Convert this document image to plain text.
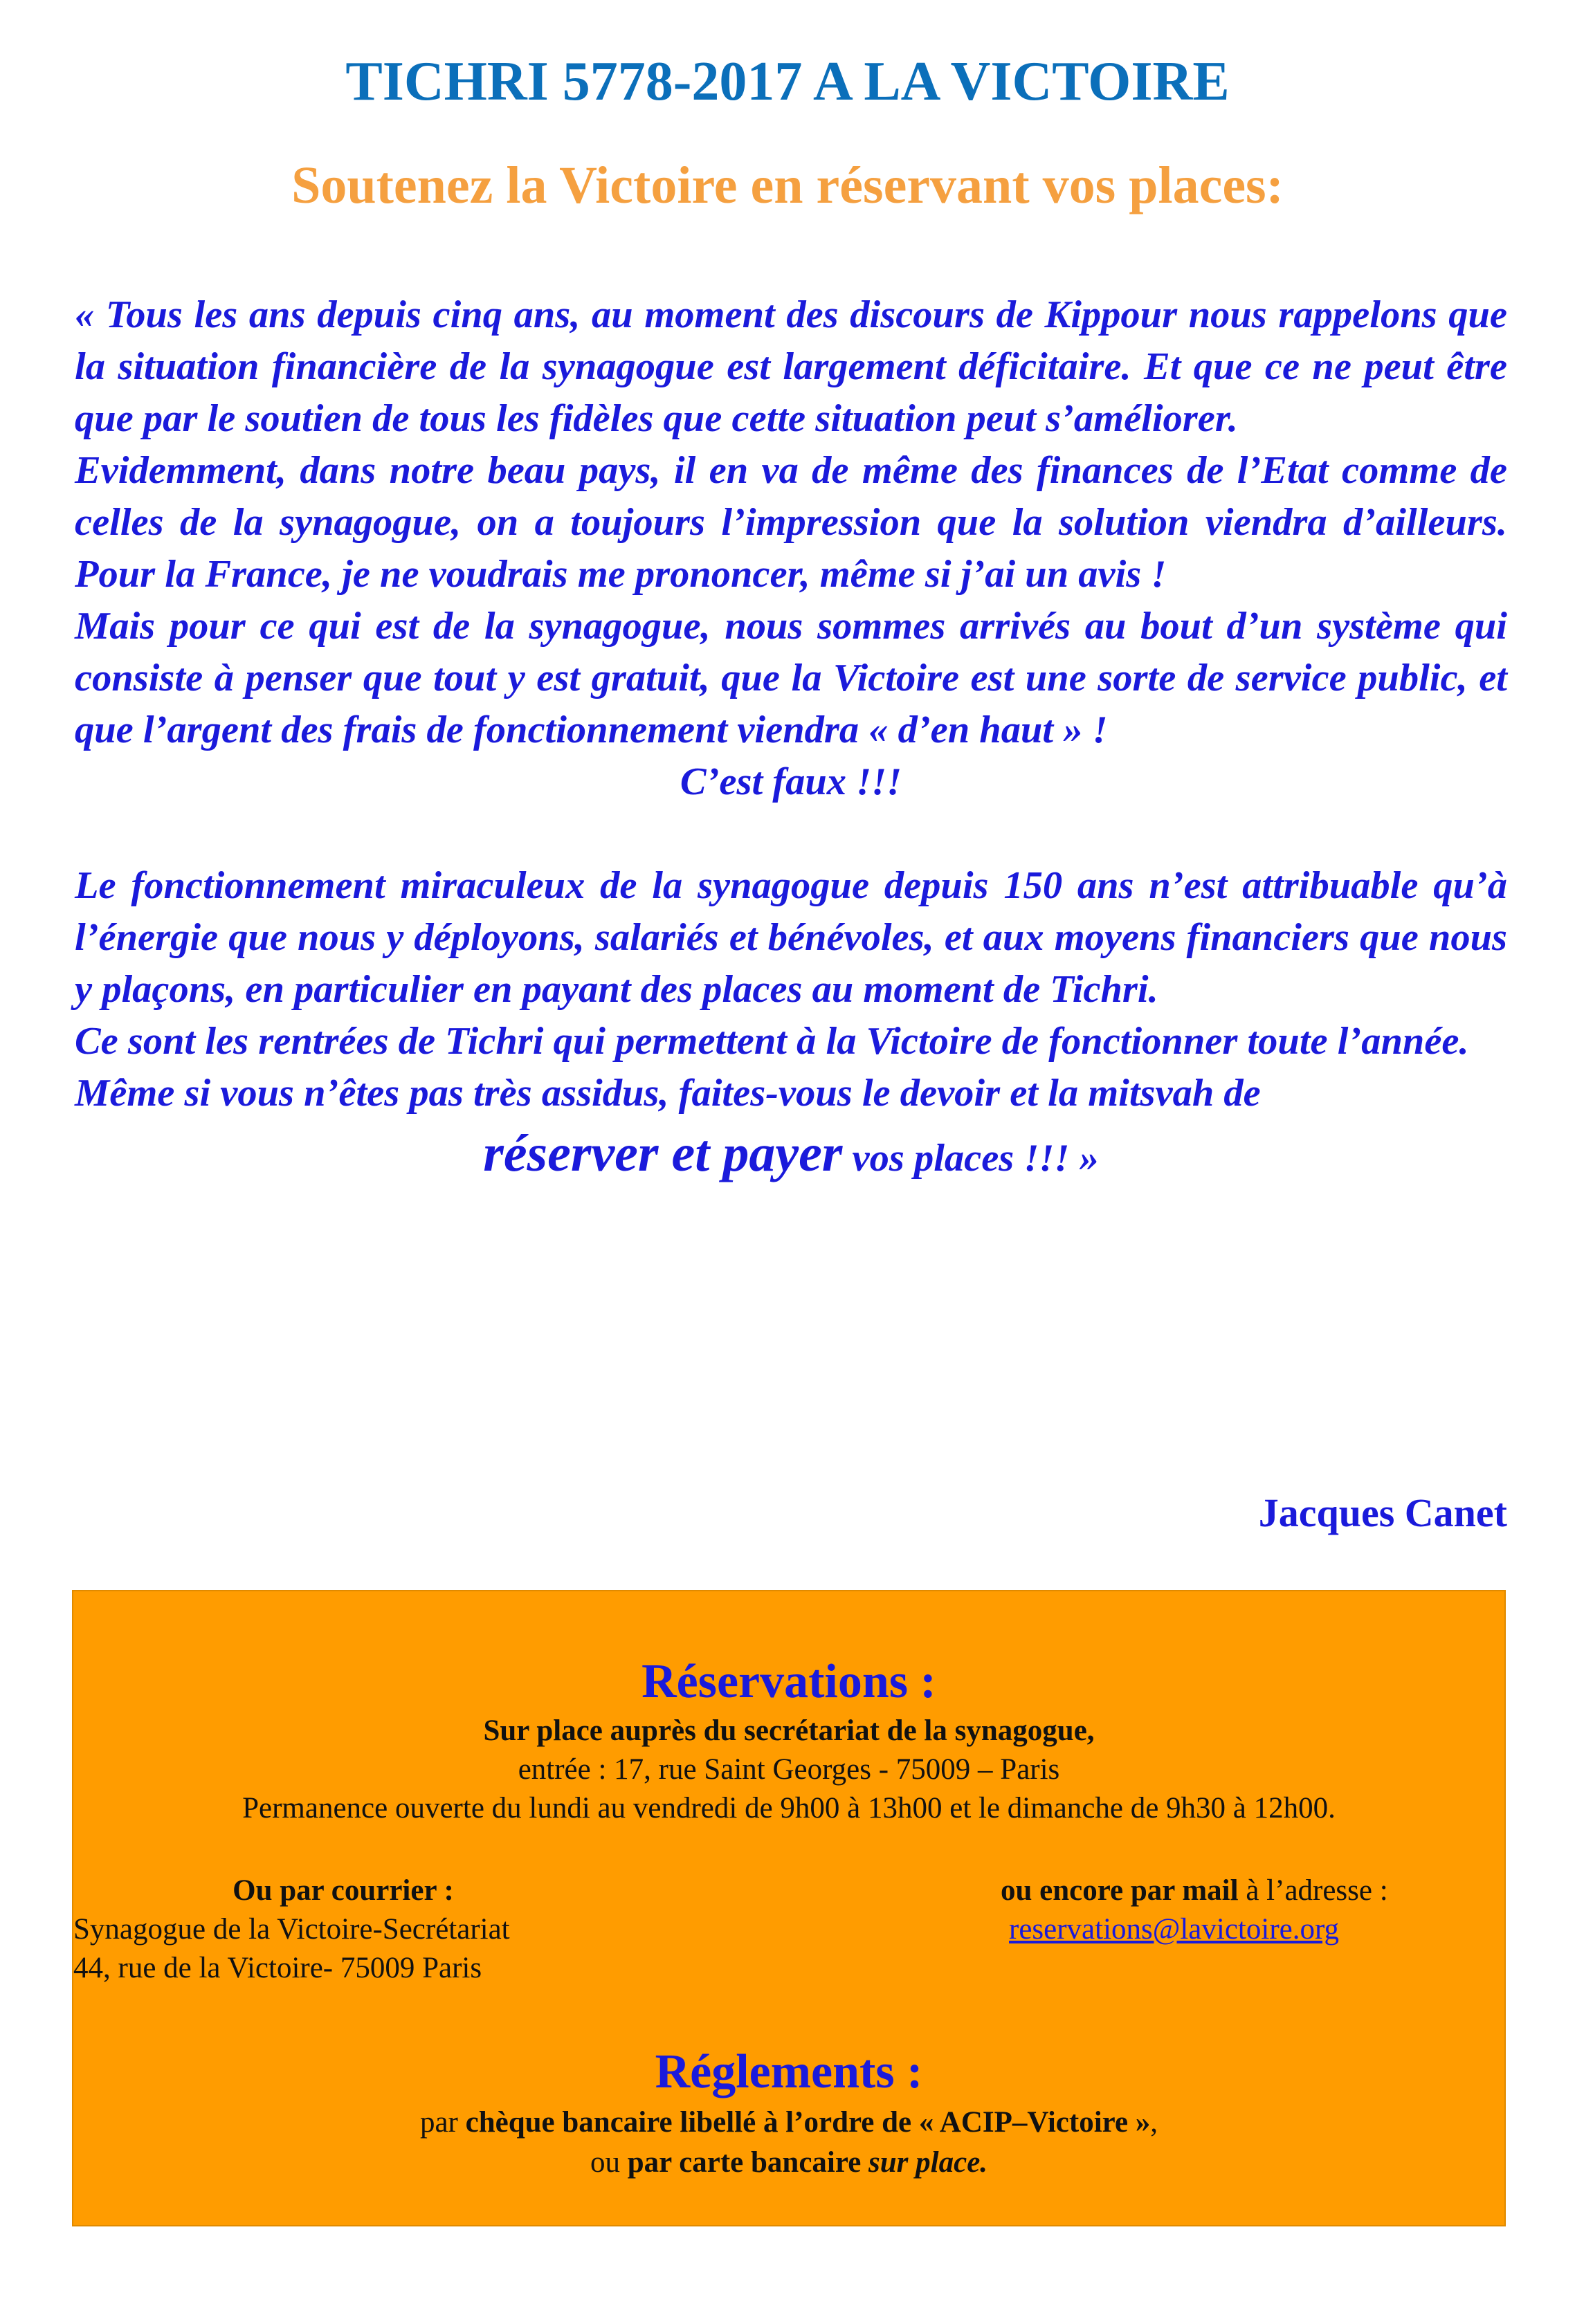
TICHRI 5778-2017 A LA VICTOIRE
Soutenez la Victoire en réservant vos places:

« Tous les ans depuis cinq ans, au moment des discours de Kippour nous rappelons que la situation financière de la synagogue est largement déficitaire. Et que ce ne peut être que par le soutien de tous les fidèles que cette situation peut s’améliorer.

Evidemment, dans notre beau pays, il en va de même des finances de l’Etat comme de celles de la synagogue, on a toujours l’impression que la solution viendra d’ailleurs. Pour la France, je ne voudrais me prononcer, même si j’ai un avis !

Mais pour ce qui est de la synagogue, nous sommes arrivés au bout d’un système qui consiste à penser que tout y est gratuit, que la Victoire est une sorte de service public, et que l’argent des frais de fonctionnement viendra « d’en haut » !

C’est faux !!!

Le fonctionnement miraculeux de la synagogue depuis 150 ans n’est attribuable qu’à l’énergie que nous y déployons, salariés et bénévoles, et aux moyens financiers que nous y plaçons, en particulier en payant des places au moment de Tichri.

Ce sont les rentrées de Tichri qui permettent à la Victoire de fonctionner toute l’année.

Même si vous n’êtes pas très assidus, faites-vous le devoir et la mitsvah de

réserver et payer vos places !!! »

Jacques Canet
Réservations :
Sur place auprès du secrétariat de la synagogue,
entrée : 17, rue Saint Georges - 75009 – Paris
Permanence ouverte du lundi au vendredi de 9h00 à 13h00 et le dimanche de 9h30 à 12h00.
Ou par courrier :
Synagogue de la Victoire-Secrétariat
44, rue de la Victoire- 75009 Paris
ou encore par mail à l’adresse :
reservations@lavictoire.org
Réglements :
par chèque bancaire libellé à l’ordre de « ACIP–Victoire »,
ou par carte bancaire sur place.
